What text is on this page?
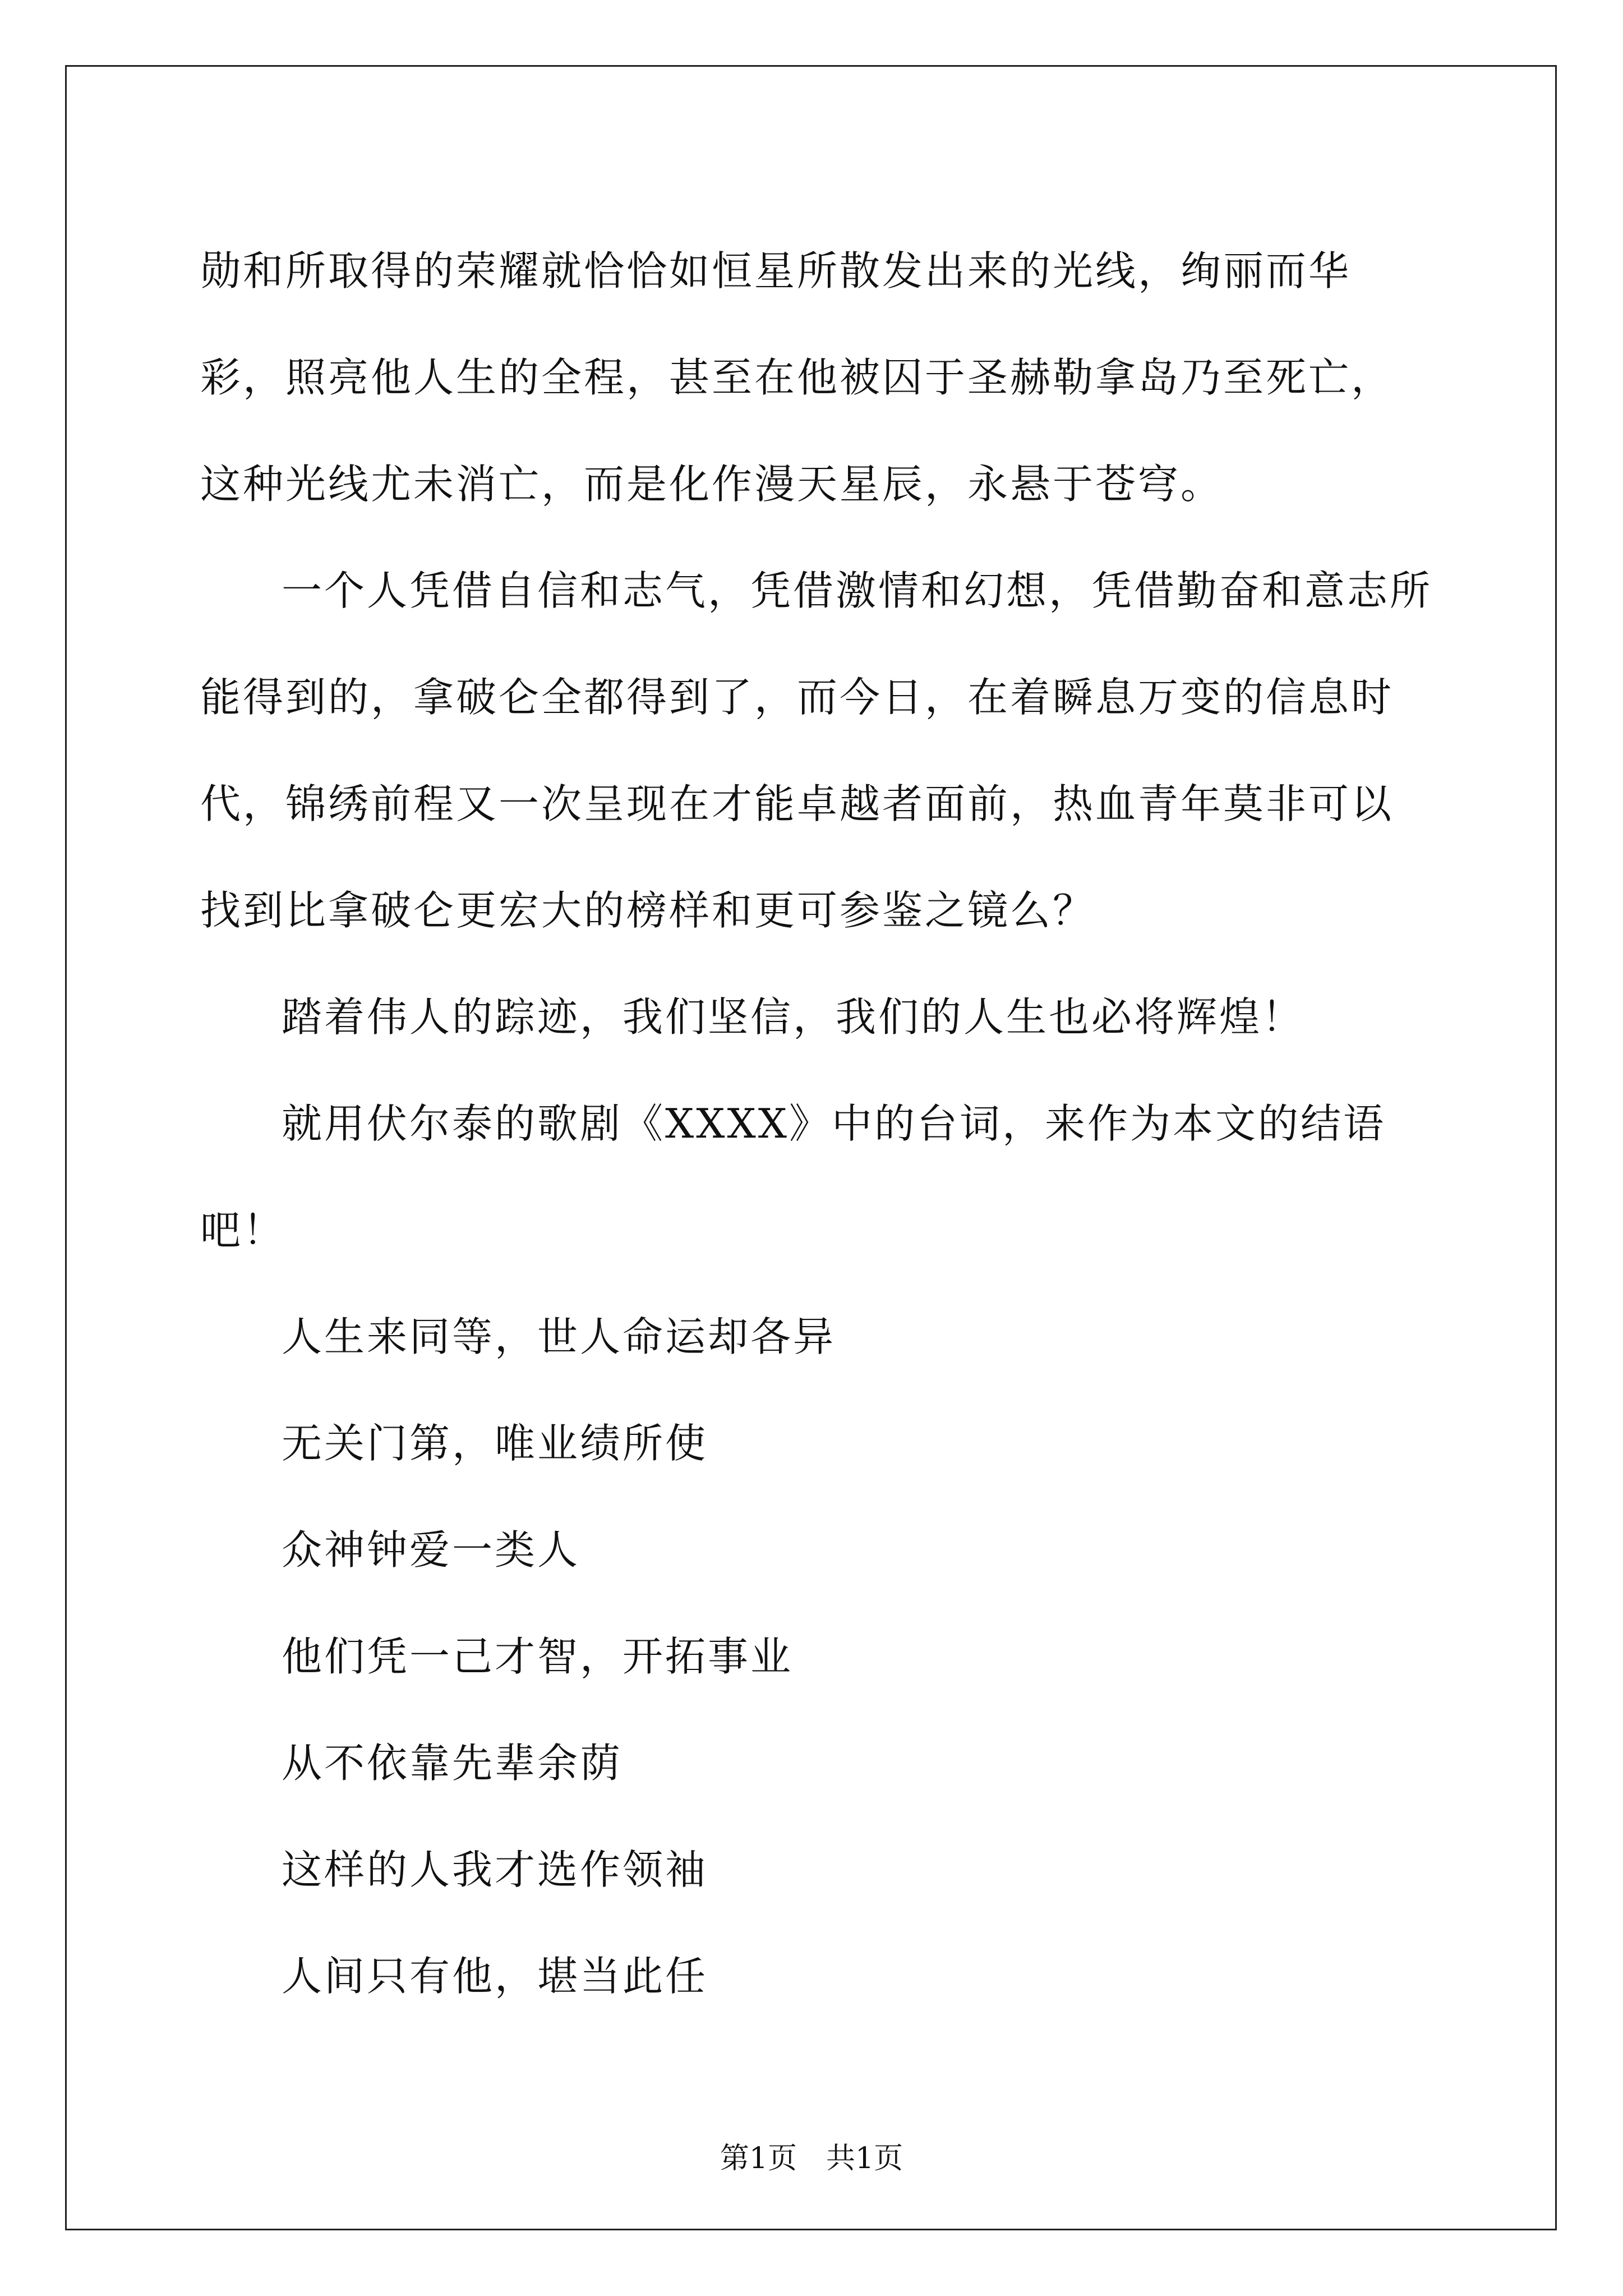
勋和所取得的荣耀就恰恰如恒星所散发出来的光线，绚丽而华彩，照亮他人生的全程，甚至在他被囚于圣赫勒拿岛乃至死亡，这种光线尤未消亡，而是化作漫天星辰，永悬于苍穹。

一个人凭借自信和志气，凭借激情和幻想，凭借勤奋和意志所能得到的，拿破仑全都得到了，而今日，在着瞬息万变的信息时代，锦绣前程又一次呈现在才能卓越者面前，热血青年莫非可以找到比拿破仑更宏大的榜样和更可参鉴之镜么？

踏着伟人的踪迹，我们坚信，我们的人生也必将辉煌！

就用伏尔泰的歌剧《XXXX》中的台词，来作为本文的结语吧！

人生来同等，世人命运却各异

无关门第，唯业绩所使

众神钟爱一类人

他们凭一己才智，开拓事业

从不依靠先辈余荫

这样的人我才选作领袖

人间只有他，堪当此任

第1页　共1页
